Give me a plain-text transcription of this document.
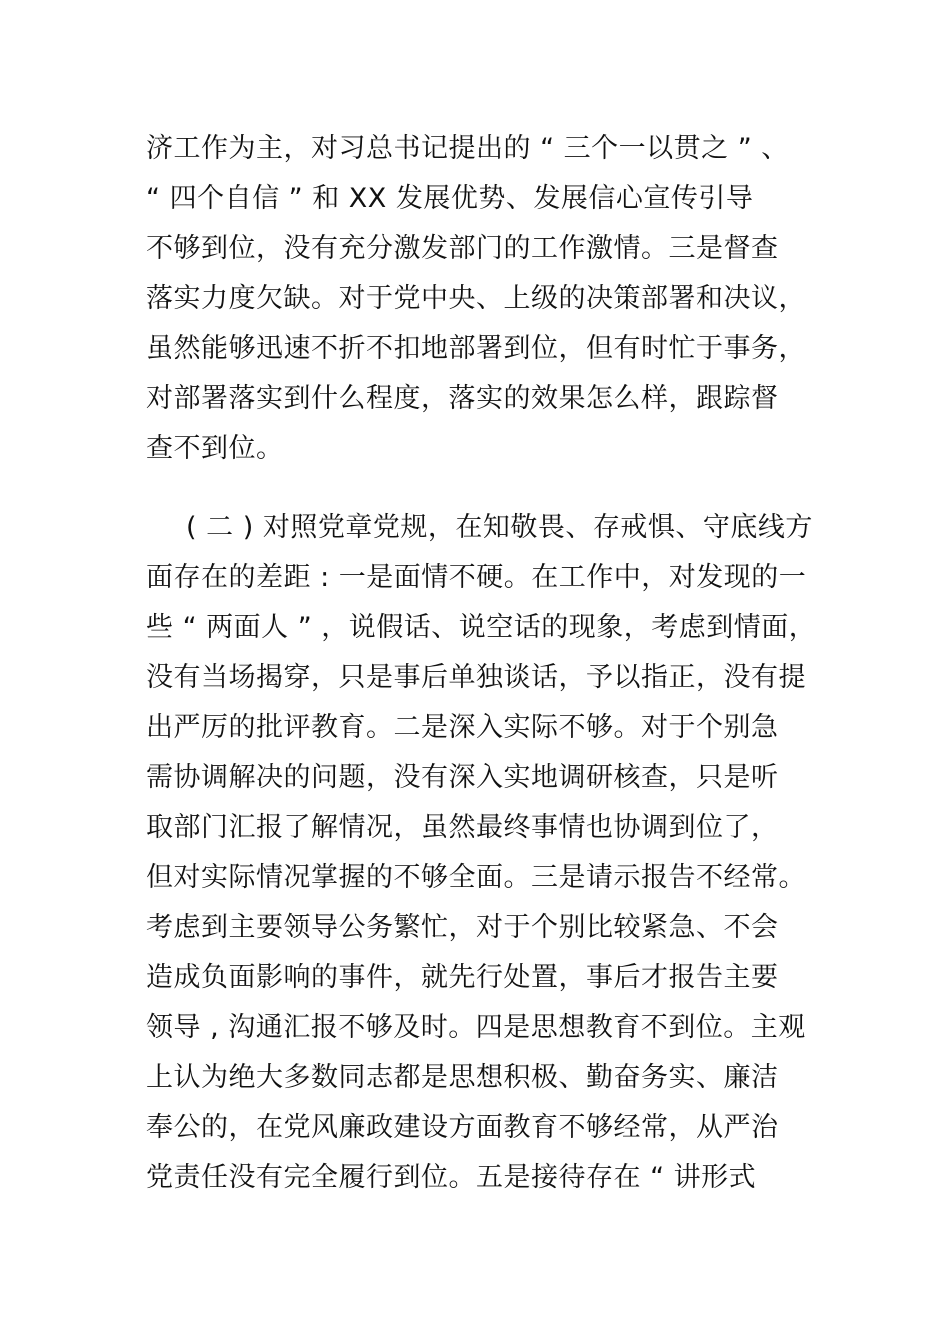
济工作为主，对习总书记提出的 “ 三个一以贯之 ” 、
“ 四个自信 ” 和 XX 发展优势、发展信心宣传引导
不够到位，没有充分激发部门的工作激情。三是督查
落实力度欠缺。对于党中央、上级的决策部署和决议，
虽然能够迅速不折不扣地部署到位，但有时忙于事务，
对部署落实到什么程度，落实的效果怎么样，跟踪督
查不到位。
( 二 ) 对照党章党规，在知敬畏、存戒惧、守底线方
面存在的差距 : 一是面情不硬。在工作中，对发现的一
些 “ 两面人 ” ，说假话、说空话的现象，考虑到情面，
没有当场揭穿，只是事后单独谈话，予以指正，没有提
出严厉的批评教育。二是深入实际不够。对于个别急
需协调解决的问题，没有深入实地调研核查，只是听
取部门汇报了解情况，虽然最终事情也协调到位了，
但对实际情况掌握的不够全面。三是请示报告不经常。
考虑到主要领导公务繁忙，对于个别比较紧急、不会
造成负面影响的事件，就先行处置，事后才报告主要
领导 , 沟通汇报不够及时。四是思想教育不到位。主观
上认为绝大多数同志都是思想积极、勤奋务实、廉洁
奉公的，在党风廉政建设方面教育不够经常，从严治
党责任没有完全履行到位。五是接待存在 “ 讲形式
